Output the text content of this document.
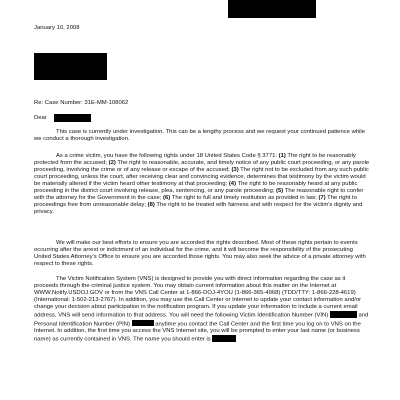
January 10, 2008

Re: Case Number: 31E-MM-108062

Dear

This case is currently under investigation. This can be a lengthy process and we request your continued patience while we conduct a thorough investigation.

As a crime victim, you have the following rights under 18 United States Code § 3771: (1) The right to be reasonably protected from the accused; (2) The right to reasonable, accurate, and timely notice of any public court proceeding, or any parole proceeding, involving the crime or of any release or escape of the accused; (3) The right not to be excluded from any such public court proceeding, unless the court, after receiving clear and convincing evidence, determines that testimony by the victim would be materially altered if the victim heard other testimony at that proceeding; (4) The right to be reasonably heard at any public proceeding in the district court involving release, plea, sentencing, or any parole proceeding; (5) The reasonable right to confer with the attorney for the Government in the case; (6) The right to full and timely restitution as provided in law; (7) The right to proceedings free from unreasonable delay; (8) The right to be treated with fairness and with respect for the victim's dignity and privacy.

We will make our best efforts to ensure you are accorded the rights described. Most of these rights pertain to events occurring after the arrest or indictment of an individual for the crime, and it will become the responsibility of the prosecuting United States Attorney's Office to ensure you are accorded those rights. You may also seek the advice of a private attorney with respect to these rights.

The Victim Notification System (VNS) is designed to provide you with direct information regarding the case as it proceeds through the criminal justice system. You may obtain current information about this matter on the Internet at WWW.Notify.USDOJ.GOV or from the VNS Call Center at 1-866-DOJ-4YOU (1-866-365-4968) (TDD/TTY: 1-866-228-4619) (International: 1-502-213-2767). In addition, you may use the Call Center or Internet to update your contact information and/or change your decision about participation in the notification program. If you update your information to include a current email address, VNS will send information to that address. You will need the following Victim Identification Number (VIN)	and Personal Identification Number (PIN)	anytime you contact the Call Center and the first time you log on to VNS on the Internet. In addition, the first time you access the VNS Internet site, you will be prompted to enter your last name (or business name) as currently contained in VNS. The name you should enter is
